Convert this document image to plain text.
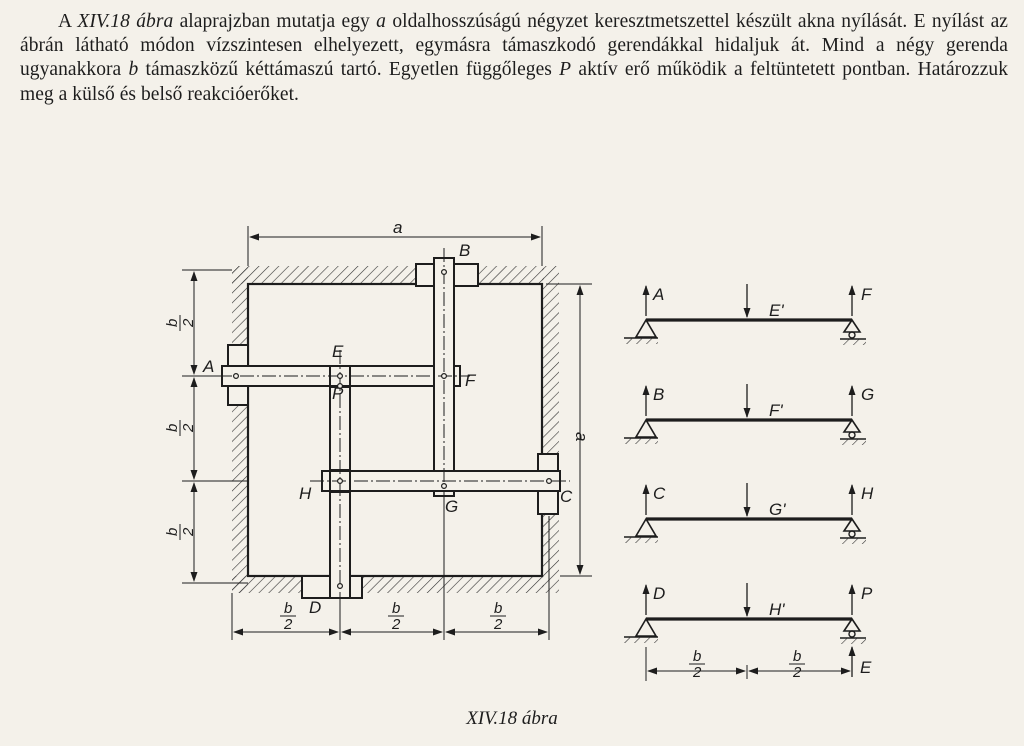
A XIV.18 ábra alaprajzban mutatja egy a oldalhosszúságú négyzet keresztmetszettel készült akna nyílását. E nyílást az ábrán látható módon vízszintesen elhelyezett, egymásra támaszkodó gerendákkal hidaljuk át. Mind a négy gerenda ugyanakkora b támaszközű kéttámaszú tartó. Egyetlen függőleges P aktív erő működik a feltüntetett pontban. Határozzuk meg a külső és belső reakcióerőket.

a
a
b 2
b 2
b 2
b
2
b
2
b
2
A
B
C
D
E
F
G
H
P
A
E'
F
B
F'
G
C
G'
H
D
H'
P
E
b
2
b
2
XIV.18 ábra
